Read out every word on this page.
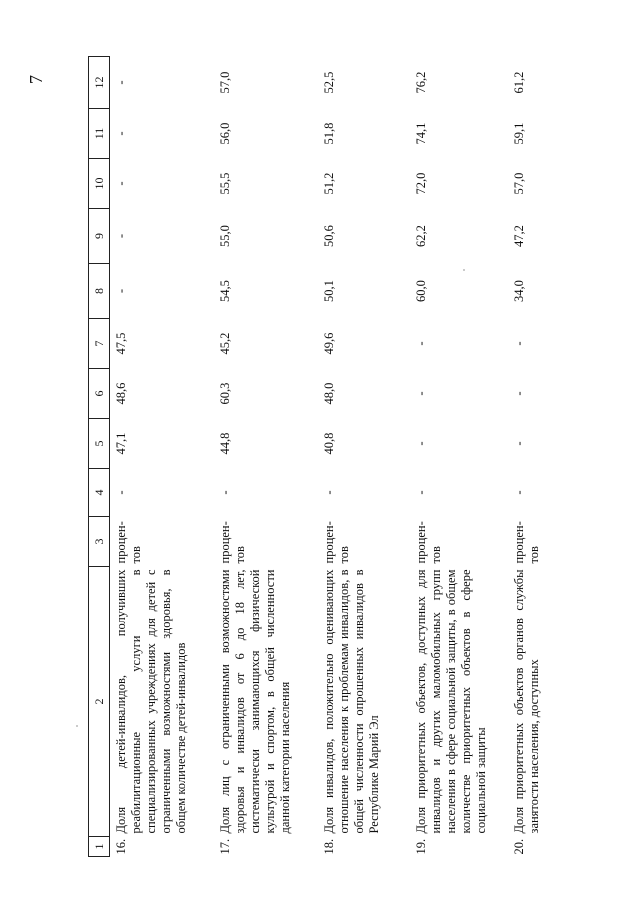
7
1	2	3	4	5	6	7	8	9	10	11	12
16.	Доля детей-инвалидов, получивших реабилитационные услуги в специализированных учреждениях для детей с ограниченными возможностями здоровья, в общем количестве детей-инвалидов	процен-тов	-	47,1	48,6	47,5	-	-	-	-	-
17.	Доля лиц с ограниченными возможностями здоровья и инвалидов от 6 до 18 лет, систематически занимающихся физической культурой и спортом, в общей численности данной категории населения	процен-тов	-	44,8	60,3	45,2	54,5	55,0	55,5	56,0	57,0
18.	Доля инвалидов, положительно оценивающих отношение населения к проблемам инвалидов, в общей численности опрошенных инвалидов в Республике Марий Эл	процен-тов	-	40,8	48,0	49,6	50,1	50,6	51,2	51,8	52,5
19.	Доля приоритетных объектов, доступных для инвалидов и других маломобильных групп населения в сфере социальной защиты, в общем количестве приоритетных объектов в сфере социальной защиты	процен-тов	-	-	-	-	60,0	62,2	72,0	74,1	76,2
20.	Доля приоритетных объектов органов службы занятости населения, доступных	процен-тов	-	-	-	-	34,0	47,2	57,0	59,1	61,2
